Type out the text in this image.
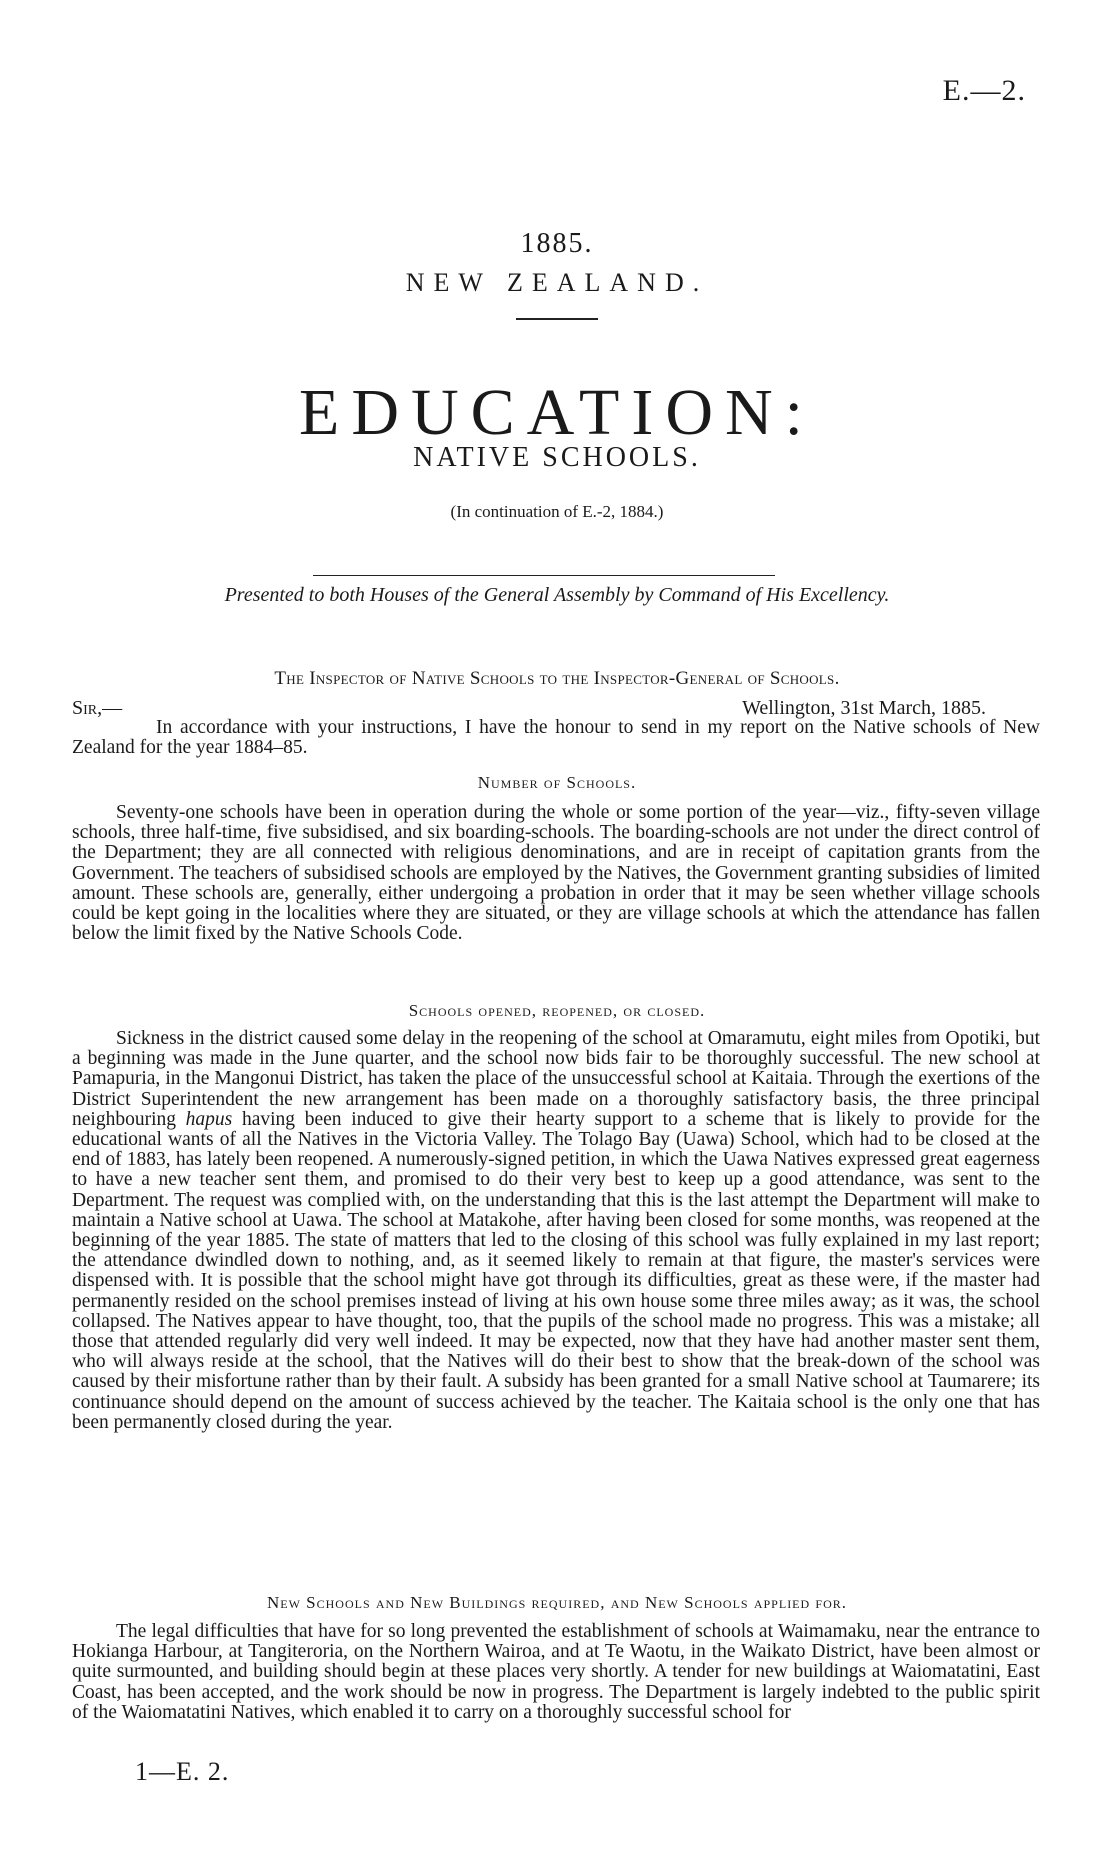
E.—2.
1885.
NEW ZEALAND.
EDUCATION:
NATIVE SCHOOLS.
(In continuation of E.-2, 1884.)
Presented to both Houses of the General Assembly by Command of His Excellency.
The Inspector of Native Schools to the Inspector-General of Schools.
Sir,—	Wellington, 31st March, 1885.

In accordance with your instructions, I have the honour to send in my report on the Native schools of New Zealand for the year 1884–85.

Number of Schools.

Seventy-one schools have been in operation during the whole or some portion of the year—viz., fifty-seven village schools, three half-time, five subsidised, and six boarding-schools. The boarding-schools are not under the direct control of the Department; they are all connected with religious denominations, and are in receipt of capitation grants from the Government. The teachers of subsidised schools are employed by the Natives, the Government granting subsidies of limited amount. These schools are, generally, either undergoing a probation in order that it may be seen whether village schools could be kept going in the localities where they are situated, or they are village schools at which the attendance has fallen below the limit fixed by the Native Schools Code.

Schools opened, reopened, or closed.

Sickness in the district caused some delay in the reopening of the school at Omaramutu, eight miles from Opotiki, but a beginning was made in the June quarter, and the school now bids fair to be thoroughly successful. The new school at Pamapuria, in the Mangonui District, has taken the place of the unsuccessful school at Kaitaia. Through the exertions of the District Superintendent the new arrangement has been made on a thoroughly satisfactory basis, the three principal neighbouring hapus having been induced to give their hearty support to a scheme that is likely to provide for the educational wants of all the Natives in the Victoria Valley. The Tolago Bay (Uawa) School, which had to be closed at the end of 1883, has lately been reopened. A numerously-signed petition, in which the Uawa Natives expressed great eagerness to have a new teacher sent them, and promised to do their very best to keep up a good attendance, was sent to the Department. The request was complied with, on the understanding that this is the last attempt the Department will make to maintain a Native school at Uawa. The school at Matakohe, after having been closed for some months, was reopened at the beginning of the year 1885. The state of matters that led to the closing of this school was fully explained in my last report; the attendance dwindled down to nothing, and, as it seemed likely to remain at that figure, the master's services were dispensed with. It is possible that the school might have got through its difficulties, great as these were, if the master had permanently resided on the school premises instead of living at his own house some three miles away; as it was, the school collapsed. The Natives appear to have thought, too, that the pupils of the school made no progress. This was a mistake; all those that attended regularly did very well indeed. It may be expected, now that they have had another master sent them, who will always reside at the school, that the Natives will do their best to show that the break-down of the school was caused by their misfortune rather than by their fault. A subsidy has been granted for a small Native school at Taumarere; its continuance should depend on the amount of success achieved by the teacher. The Kaitaia school is the only one that has been permanently closed during the year.

New Schools and New Buildings required, and New Schools applied for.

The legal difficulties that have for so long prevented the establishment of schools at Waimamaku, near the entrance to Hokianga Harbour, at Tangiteroria, on the Northern Wairoa, and at Te Waotu, in the Waikato District, have been almost or quite surmounted, and building should begin at these places very shortly. A tender for new buildings at Waiomatatini, East Coast, has been accepted, and the work should be now in progress. The Department is largely indebted to the public spirit of the Waiomatatini Natives, which enabled it to carry on a thoroughly successful school for

1—E. 2.
